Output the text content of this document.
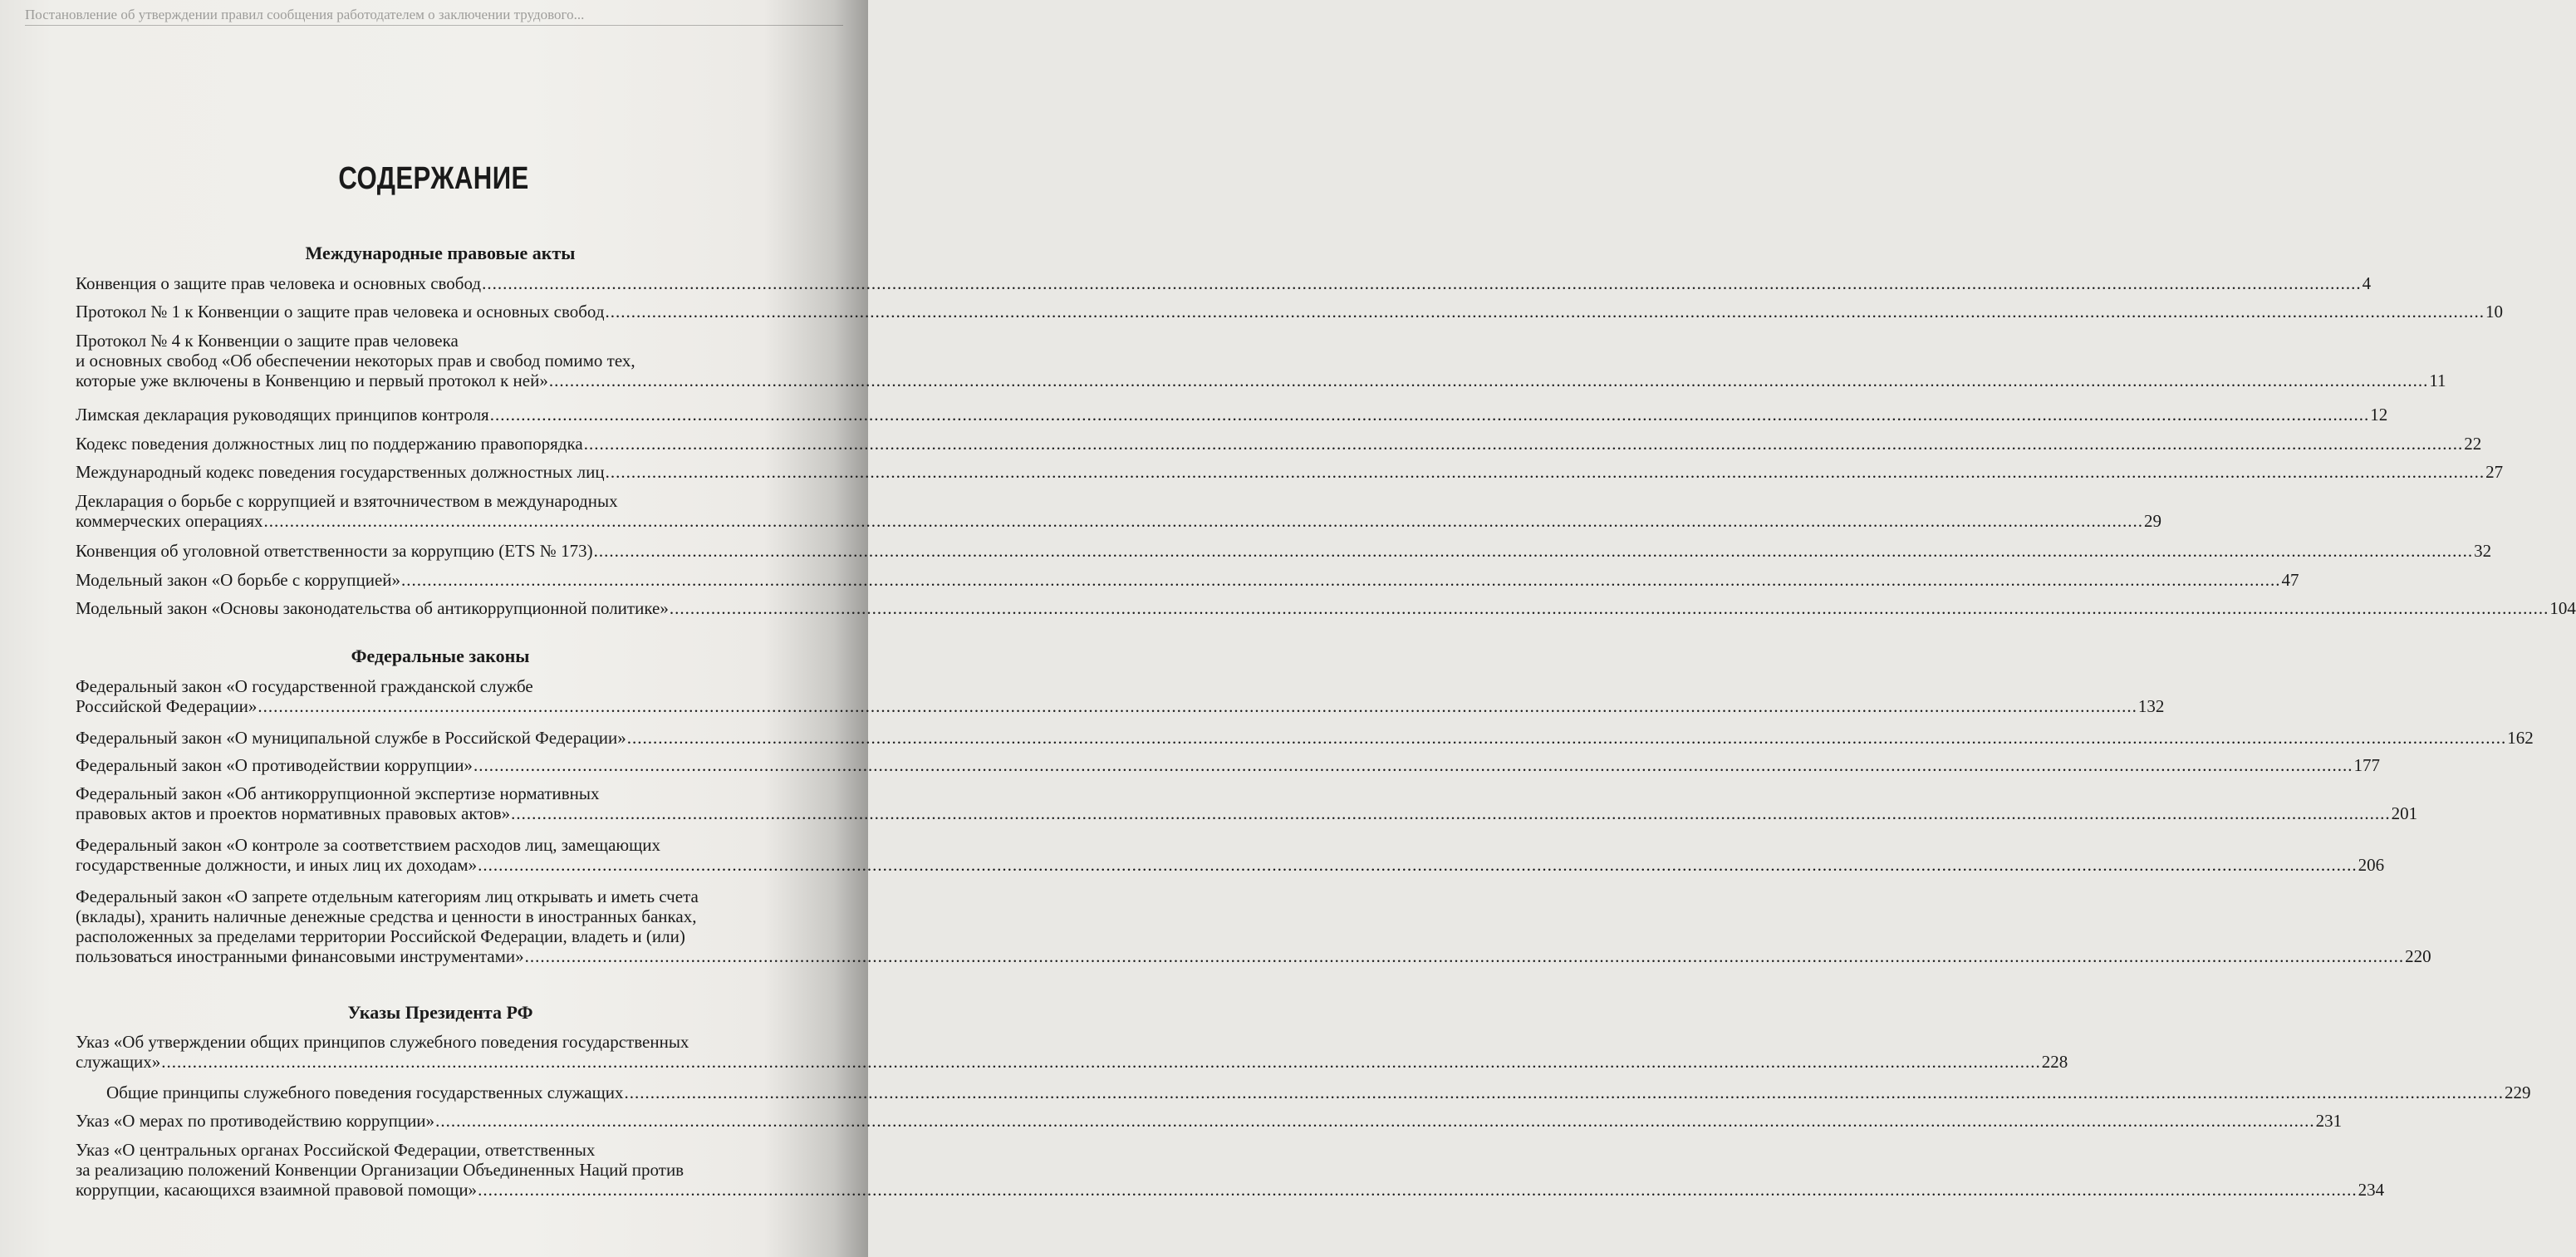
Постановление об утверждении правил сообщения работодателем о заключении трудового...

СОДЕРЖАНИЕ
Международные правовые акты
Конвенция о защите прав человека и основных свобод .......................................................................................................................................................................................................................................................................................................................................................................... 4
Протокол № 1 к Конвенции о защите прав человека и основных свобод .......................................................................................................................................................................................................................................................................................................................................................................... 10
Протокол № 4 к Конвенции о защите прав человека
и основных свобод «Об обеспечении некоторых прав и свобод помимо тех,
которые уже включены в Конвенцию и первый протокол к ней» .......................................................................................................................................................................................................................................................................................................................................................................... 11
Лимская декларация руководящих принципов контроля .......................................................................................................................................................................................................................................................................................................................................................................... 12
Кодекс поведения должностных лиц по поддержанию правопорядка .......................................................................................................................................................................................................................................................................................................................................................................... 22
Международный кодекс поведения государственных должностных лиц .......................................................................................................................................................................................................................................................................................................................................................................... 27
Декларация о борьбе с коррупцией и взяточничеством в международных
коммерческих операциях .......................................................................................................................................................................................................................................................................................................................................................................... 29
Конвенция об уголовной ответственности за коррупцию (ETS № 173) .......................................................................................................................................................................................................................................................................................................................................................................... 32
Модельный закон «О борьбе с коррупцией» .......................................................................................................................................................................................................................................................................................................................................................................... 47
Модельный закон «Основы законодательства об антикоррупционной политике» .......................................................................................................................................................................................................................................................................................................................................................................... 104
Федеральные законы
Федеральный закон «О государственной гражданской службе
Российской Федерации» .......................................................................................................................................................................................................................................................................................................................................................................... 132
Федеральный закон «О муниципальной службе в Российской Федерации» .......................................................................................................................................................................................................................................................................................................................................................................... 162
Федеральный закон «О противодействии коррупции» .......................................................................................................................................................................................................................................................................................................................................................................... 177
Федеральный закон «Об антикоррупционной экспертизе нормативных
правовых актов и проектов нормативных правовых актов» .......................................................................................................................................................................................................................................................................................................................................................................... 201
Федеральный закон «О контроле за соответствием расходов лиц, замещающих
государственные должности, и иных лиц их доходам» .......................................................................................................................................................................................................................................................................................................................................................................... 206
Федеральный закон «О запрете отдельным категориям лиц открывать и иметь счета
(вклады), хранить наличные денежные средства и ценности в иностранных банках,
расположенных за пределами территории Российской Федерации, владеть и (или)
пользоваться иностранными финансовыми инструментами» .......................................................................................................................................................................................................................................................................................................................................................................... 220
Указы Президента РФ
Указ «Об утверждении общих принципов служебного поведения государственных
служащих» .......................................................................................................................................................................................................................................................................................................................................................................... 228
Общие принципы служебного поведения государственных служащих .......................................................................................................................................................................................................................................................................................................................................................................... 229
Указ «О мерах по противодействию коррупции» .......................................................................................................................................................................................................................................................................................................................................................................... 231
Указ «О центральных органах Российской Федерации, ответственных
за реализацию положений Конвенции Организации Объединенных Наций против
коррупции, касающихся взаимной правовой помощи» .......................................................................................................................................................................................................................................................................................................................................................................... 234
